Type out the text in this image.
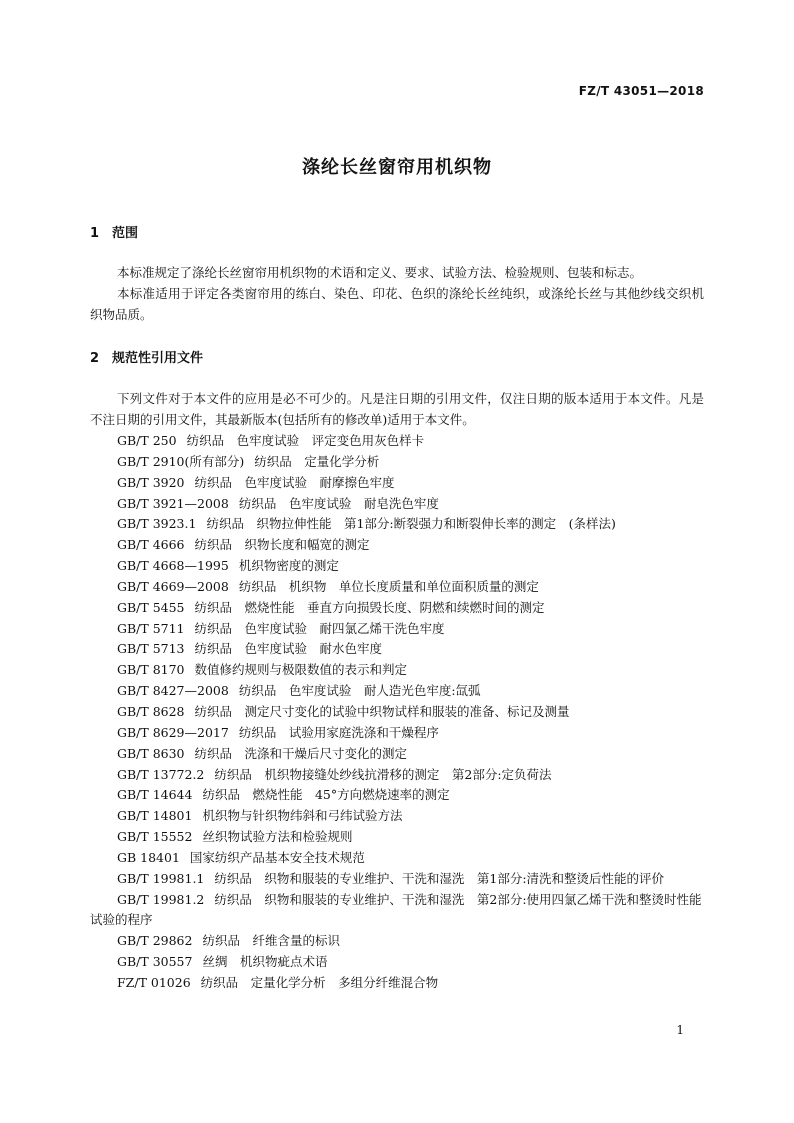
FZ/T 43051—2018
涤纶长丝窗帘用机织物
1 范围

本标准规定了涤纶长丝窗帘用机织物的术语和定义、要求、试验方法、检验规则、包装和标志。

本标准适用于评定各类窗帘用的练白、染色、印花、色织的涤纶长丝纯织，或涤纶长丝与其他纱线交织机织物品质。

2 规范性引用文件

下列文件对于本文件的应用是必不可少的。凡是注日期的引用文件，仅注日期的版本适用于本文件。凡是不注日期的引用文件，其最新版本(包括所有的修改单)适用于本文件。

GB/T 250 纺织品　色牢度试验　评定变色用灰色样卡

GB/T 2910(所有部分) 纺织品　定量化学分析

GB/T 3920 纺织品　色牢度试验　耐摩擦色牢度

GB/T 3921—2008 纺织品　色牢度试验　耐皂洗色牢度

GB/T 3923.1 纺织品　织物拉伸性能　第1部分:断裂强力和断裂伸长率的测定　(条样法)

GB/T 4666 纺织品　织物长度和幅宽的测定

GB/T 4668—1995 机织物密度的测定

GB/T 4669—2008 纺织品　机织物　单位长度质量和单位面积质量的测定

GB/T 5455 纺织品　燃烧性能　垂直方向损毁长度、阴燃和续燃时间的测定

GB/T 5711 纺织品　色牢度试验　耐四氯乙烯干洗色牢度

GB/T 5713 纺织品　色牢度试验　耐水色牢度

GB/T 8170 数值修约规则与极限数值的表示和判定

GB/T 8427—2008 纺织品　色牢度试验　耐人造光色牢度:氙弧

GB/T 8628 纺织品　测定尺寸变化的试验中织物试样和服装的准备、标记及测量

GB/T 8629—2017 纺织品　试验用家庭洗涤和干燥程序

GB/T 8630 纺织品　洗涤和干燥后尺寸变化的测定

GB/T 13772.2 纺织品　机织物接缝处纱线抗滑移的测定　第2部分:定负荷法

GB/T 14644 纺织品　燃烧性能　45°方向燃烧速率的测定

GB/T 14801 机织物与针织物纬斜和弓纬试验方法

GB/T 15552 丝织物试验方法和检验规则

GB 18401 国家纺织产品基本安全技术规范

GB/T 19981.1 纺织品　织物和服装的专业维护、干洗和湿洗　第1部分:清洗和整烫后性能的评价

GB/T 19981.2 纺织品　织物和服装的专业维护、干洗和湿洗　第2部分:使用四氯乙烯干洗和整烫时性能试验的程序

GB/T 29862 纺织品　纤维含量的标识

GB/T 30557 丝绸　机织物疵点术语

FZ/T 01026 纺织品　定量化学分析　多组分纤维混合物

1
